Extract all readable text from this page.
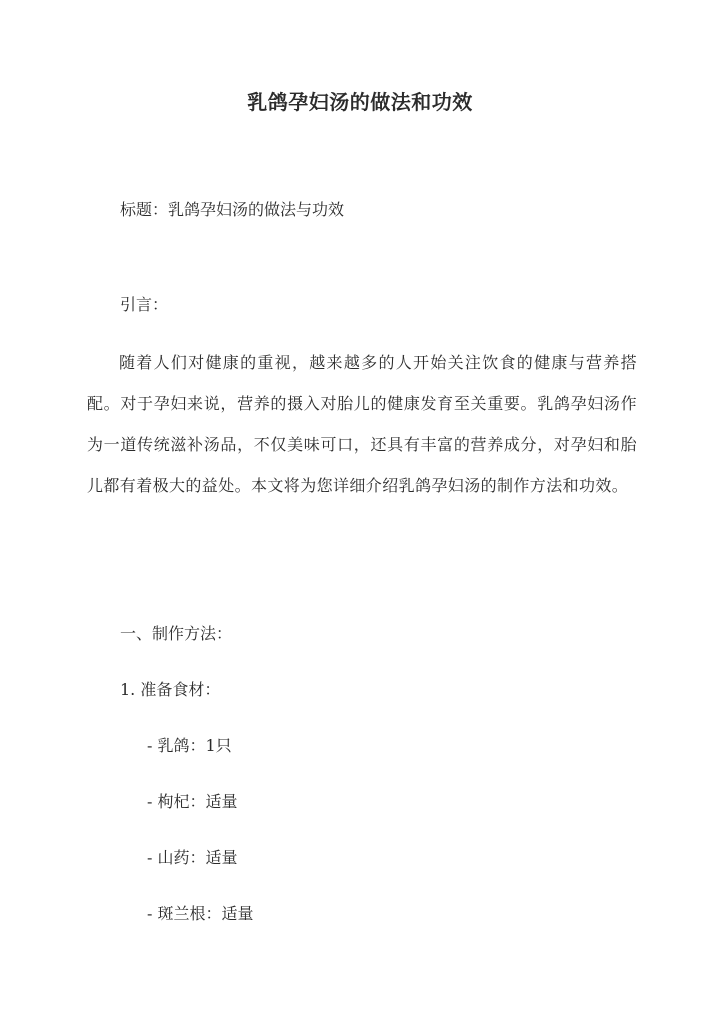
乳鸽孕妇汤的做法和功效
标题：乳鸽孕妇汤的做法与功效
引言：
随着人们对健康的重视，越来越多的人开始关注饮食的健康与营养搭配。对于孕妇来说，营养的摄入对胎儿的健康发育至关重要。乳鸽孕妇汤作为一道传统滋补汤品，不仅美味可口，还具有丰富的营养成分，对孕妇和胎儿都有着极大的益处。本文将为您详细介绍乳鸽孕妇汤的制作方法和功效。
一、制作方法：
1. 准备食材：
- 乳鸽：1只
- 枸杞：适量
- 山药：适量
- 斑兰根：适量
